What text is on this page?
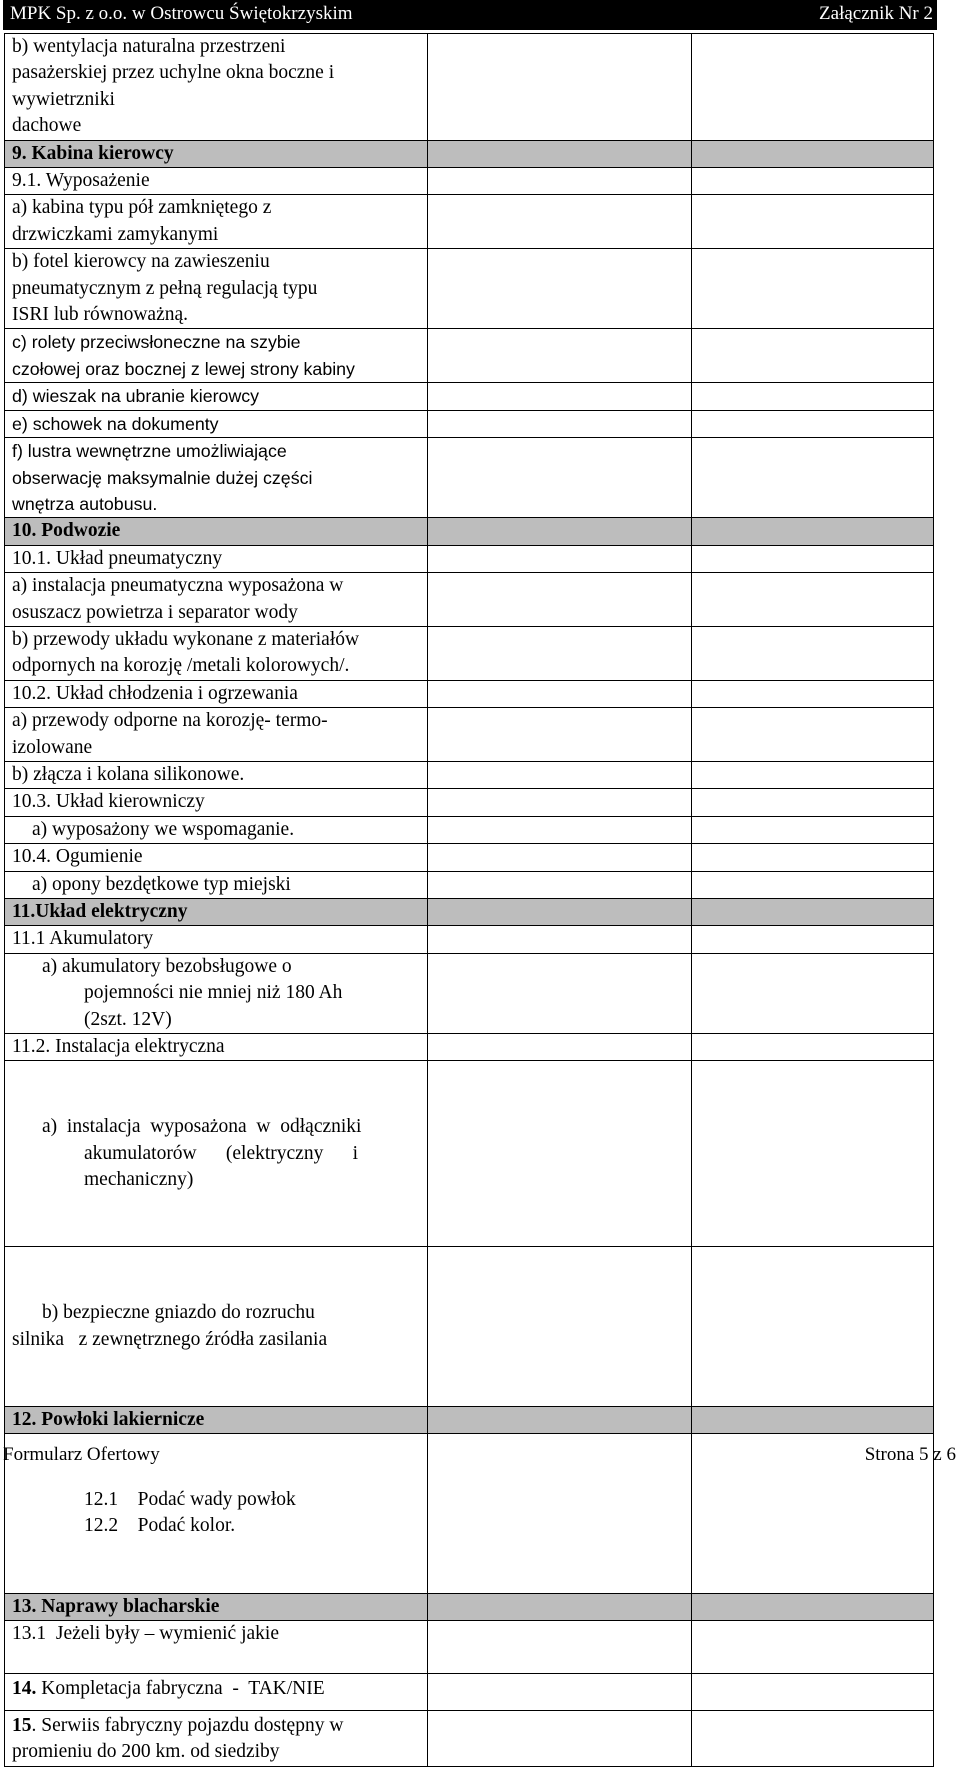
MPK Sp. z o.o. w Ostrowcu Świętokrzyskim	Załącznik Nr 2
b) wentylacja naturalna przestrzeni
pasażerskiej przez uchylne okna boczne i
wywietrzniki
dachowe		

9. Kabina kierowcy		

9.1. Wyposażenie		

a) kabina typu pół zamkniętego z
drzwiczkami zamykanymi		

b) fotel kierowcy na zawieszeniu
pneumatycznym z pełną regulacją typu
ISRI lub równoważną.		

c) rolety przeciwsłoneczne na szybie
czołowej oraz bocznej z lewej strony kabiny		

d) wieszak na ubranie kierowcy		

e) schowek na dokumenty		

f) lustra wewnętrzne umożliwiające
obserwację maksymalnie dużej części
wnętrza autobusu.		

10. Podwozie		

10.1. Układ pneumatyczny		

a) instalacja pneumatyczna wyposażona w
osuszacz powietrza i separator wody		

b) przewody układu wykonane z materiałów
odpornych na korozję /metali kolorowych/.		

10.2. Układ chłodzenia i ogrzewania		

a) przewody odporne na korozję- termo-
izolowane		

b) złącza i kolana silikonowe.		

10.3. Układ kierowniczy		

a) wyposażony we wspomaganie.		

10.4. Ogumienie		

a) opony bezdętkowe typ miejski		

11.Układ elektryczny		

11.1 Akumulatory		

a) akumulatory bezobsługowe o
pojemności nie mniej niż 180 Ah
(2szt. 12V)		

11.2. Instalacja elektryczna		

a)  instalacja  wyposażona  w  odłączniki
akumulatorów      (elektryczny      i
mechaniczny)		

b) bezpieczne gniazdo do rozruchu
silnika   z zewnętrznego źródła zasilania		

12. Powłoki lakiernicze		

12.1    Podać wady powłok
12.2    Podać kolor.		

13. Naprawy blacharskie		

13.1  Jeżeli były – wymienić jakie		

14. Kompletacja fabryczna  -  TAK/NIE		

15. Serwiis fabryczny pojazdu dostępny w
promieniu do 200 km. od siedziby		

Formularz Ofertowy	Strona 5 z 6
